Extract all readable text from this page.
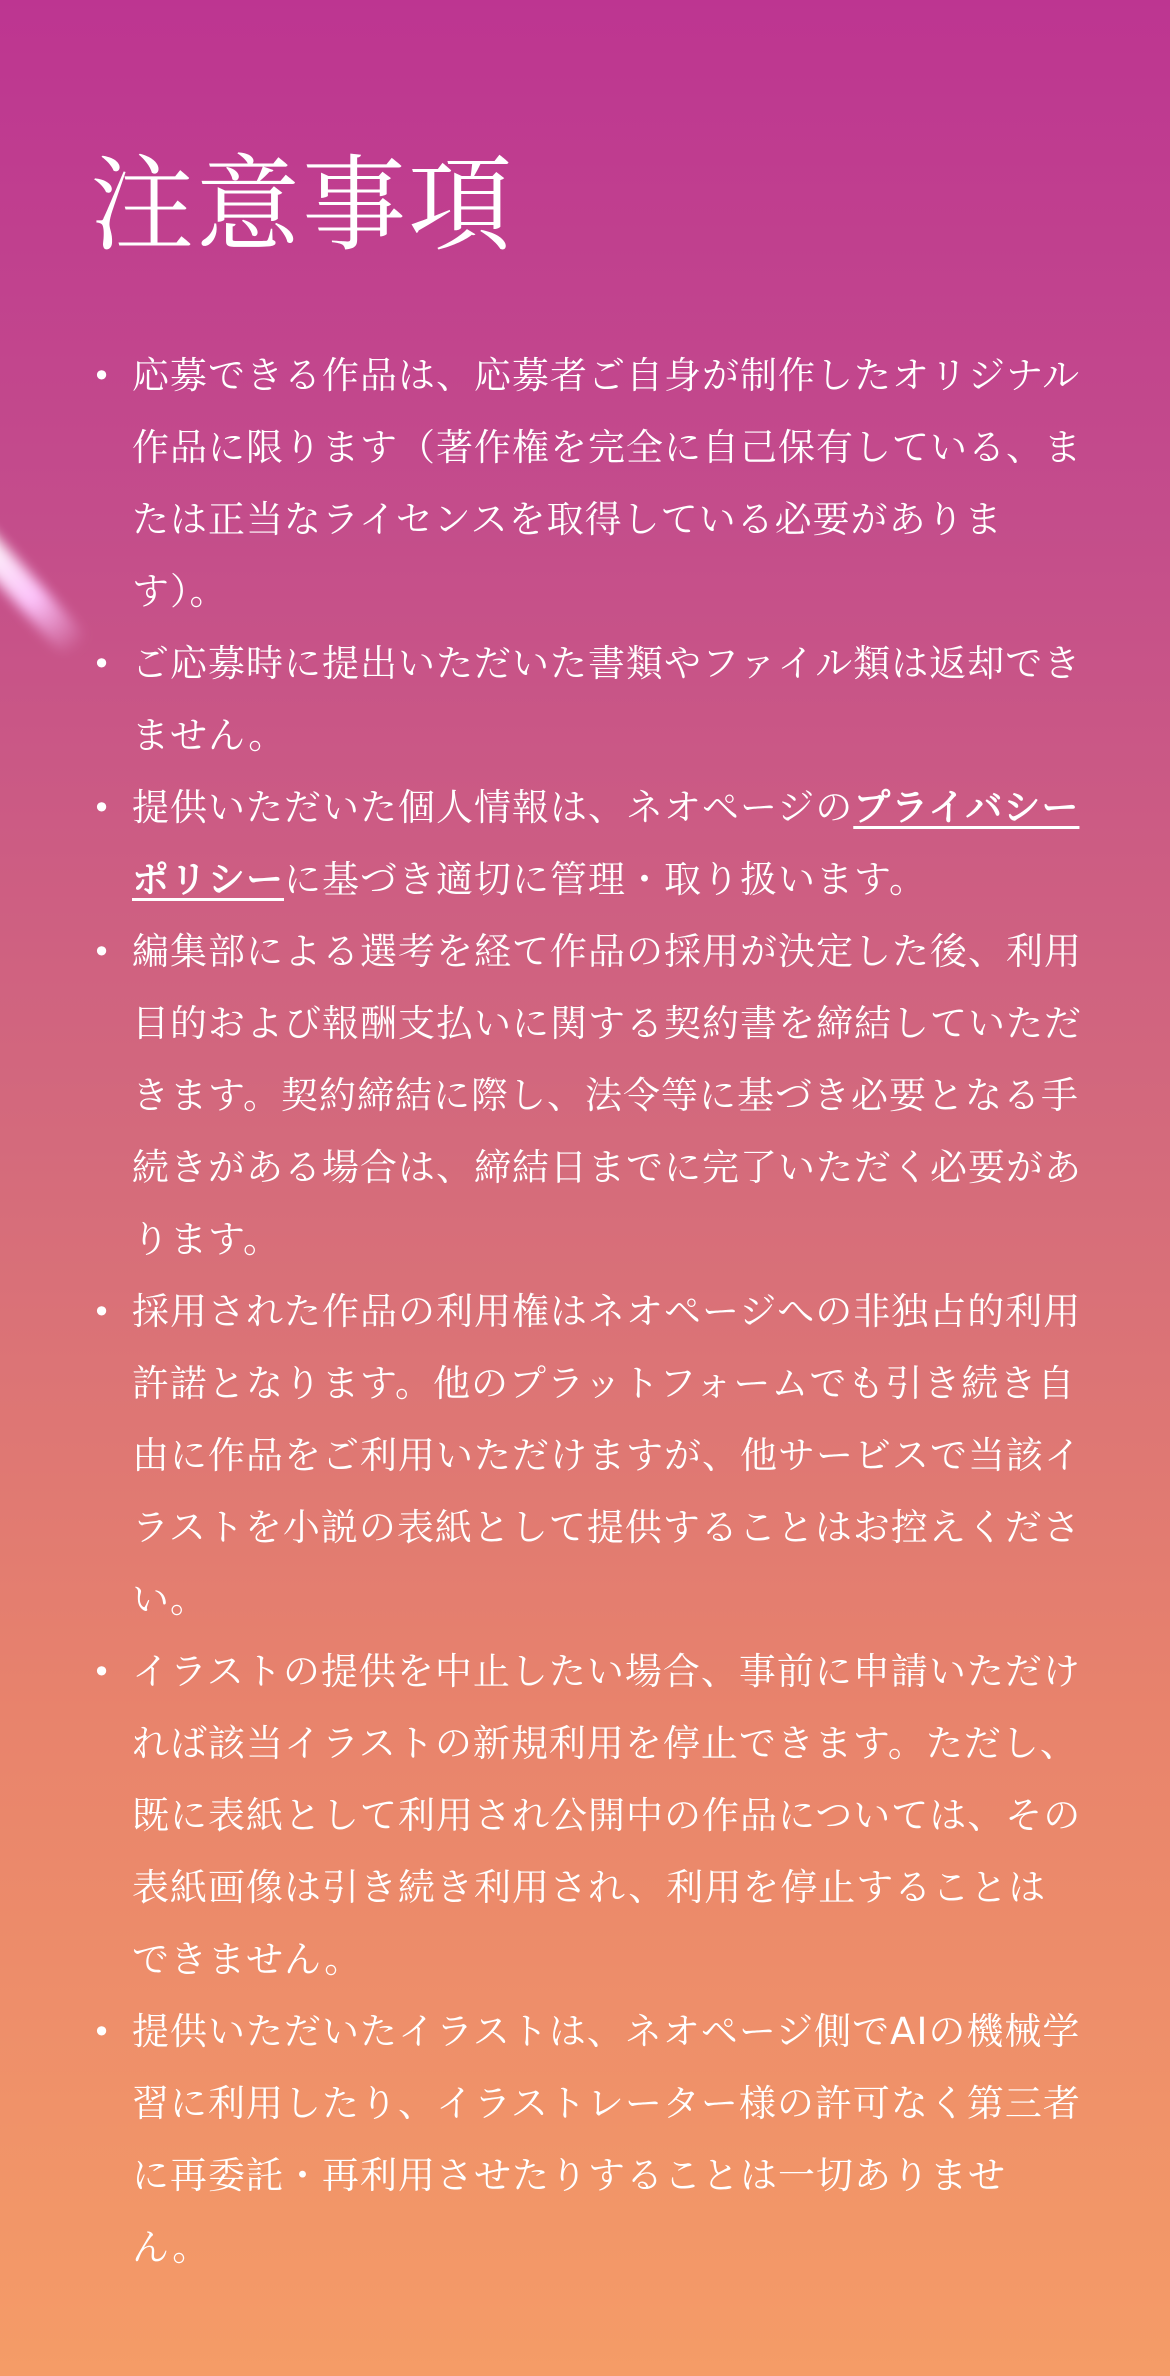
注意事項
• 応募できる作品は、応募者ご自身が制作したオリジナル作品に限ります（著作権を完全に自己保有している、または正当なライセンスを取得している必要があります）。
• ご応募時に提出いただいた書類やファイル類は返却できません。
• 提供いただいた個人情報は、ネオページのプライバシーポリシーに基づき適切に管理・取り扱います。
• 編集部による選考を経て作品の採用が決定した後、利用目的および報酬支払いに関する契約書を締結していただきます。契約締結に際し、法令等に基づき必要となる手続きがある場合は、締結日までに完了いただく必要があります。
• 採用された作品の利用権はネオページへの非独占的利用許諾となります。他のプラットフォームでも引き続き自由に作品をご利用いただけますが、他サービスで当該イラストを小説の表紙として提供することはお控えください。
• イラストの提供を中止したい場合、事前に申請いただければ該当イラストの新規利用を停止できます。ただし、既に表紙として利用され公開中の作品については、その表紙画像は引き続き利用され、利用を停止することはできません。
• 提供いただいたイラストは、ネオページ側でAIの機械学習に利用したり、イラストレーター様の許可なく第三者に再委託・再利用させたりすることは一切ありません。
